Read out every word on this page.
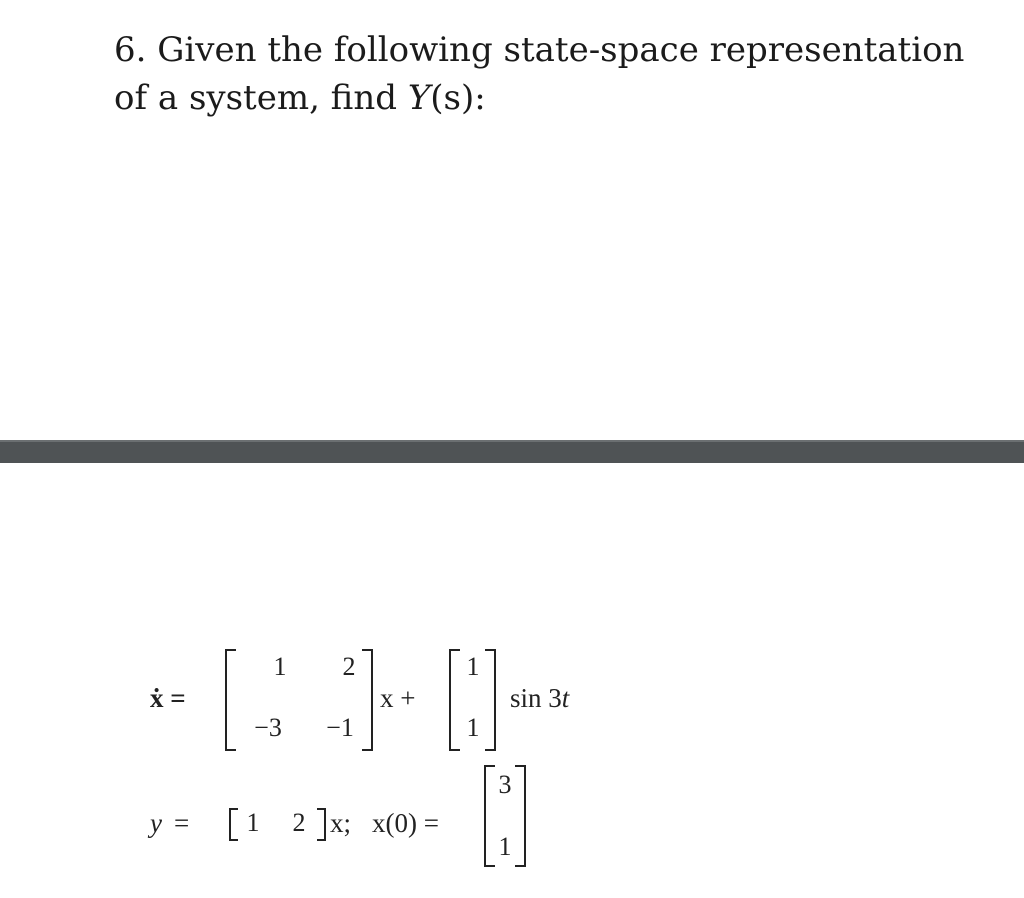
6. Given the following state-space representation of a system, find Y(s):

ẋ =
1 2
−3 −1
x +
1
1
sin 3t
y = 1 2 x; x(0) =
3
1
